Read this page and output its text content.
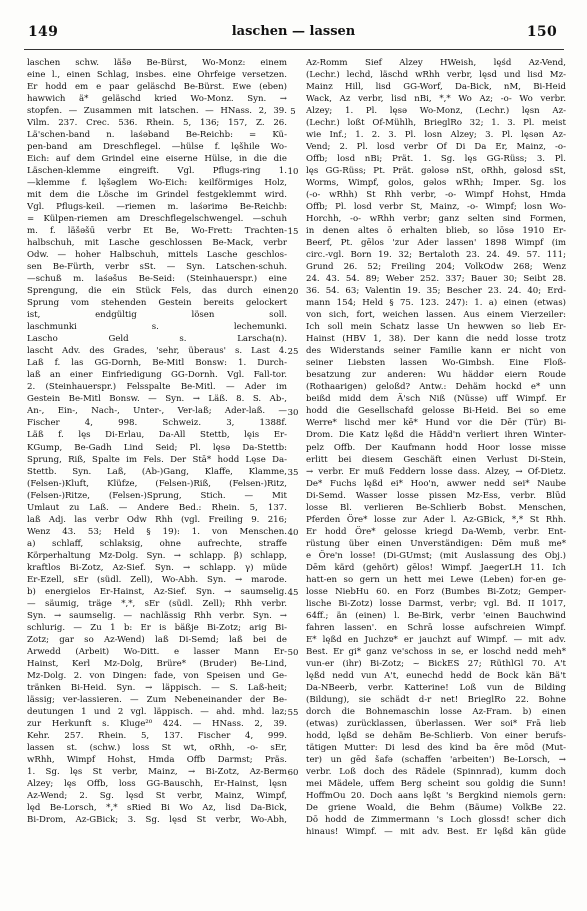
149	laschen — lassen	150
laschen schw. läšə Be-Bürst, Wo-Monz: einem
eine l., einen Schlag, insbes. eine Ohrfeige versetzen.
Er hodd em e paar geläschd Be-Bürst. Ewe (eben)
hawwich ä* geläschd kried Wo-Monz. Syn. →
stopfen. — Zusammen mit latschen. — HNass. 2, 39.
Vilm. 237. Crec. 536. Rhein. 5, 136; 157, Z. 26.
Lä'schen-band n. laśəband Be-Reichb: = Kü-
pen-band am Dreschflegel. —hülse f. lęšhile Wo-
Eich: auf dem Grindel eine eiserne Hülse, in die die
Läschen-klemme eingreift. Vgl. Pflugs-ring 1.
—klemme f. lęšəglem Wo-Eich: keilförmiges Holz,
mit dem die Lösche im Grindel festgeklemmt wird.
Vgl. Pflugs-keil. —riemen m. laśərimə Be-Reichb:
= Külpen-riemen am Dreschflegelschwengel. —schuh
m. f. läšəšū verbr Et Be, Wo-Frett: Trachten-
halbschuh, mit Lasche geschlossen Be-Mack, verbr
Odw. — hoher Halbschuh, mittels Lasche geschlos-
sen Be-Fürth, verbr sSt. — Syn. Latschen-schuh.
—schuß m. laśəšus Be-Seid: (Steinhauerspr.) eine
Sprengung, die ein Stück Fels, das durch einen
Sprung vom stehenden Gestein bereits gelockert
ist, endgültig lösen soll.
laschmunki s. lechemunki.
Lascho Geld s. Larscha(n).
lascht Adv. des Grades, 'sehr, überaus' s. Last 4.
Laß f. las GG-Dornh, Be-Mitl Bonsw: 1. Durch-
laß an einer Einfriedigung GG-Dornh. Vgl. Fall-tor.
2. (Steinhauerspr.) Felsspalte Be-Mitl. — Ader im
Gestein Be-Mitl Bonsw. — Syn. → Läß. 8. S. Ab-,
An-, Ein-, Nach-, Unter-, Ver-laß; Ader-laß. —
Fischer 4, 998. Schweiz. 3, 1388f.
Läß f. lęs Di-Erlau, Da-All Stettb, lęis Er-
KGump, Be-Gadh Lind Seid; Pl. lęsə Da-Stettb:
Sprung, Riß, Spalte im Fels. Der Stā* hodd Lęse Da-
Stettb. Syn. Laß, (Ab-)Gang, Klaffe, Klamme,
(Felsen-)Kluft, Klüfze, (Felsen-)Riß, (Felsen-)Ritz,
(Felsen-)Ritze, (Felsen-)Sprung, Stich. — Mit
Umlaut zu Laß. — Andere Bed.: Rhein. 5, 137.
laß Adj. las verbr Odw Rhh (vgl. Freiling 9. 216;
Wenz 43. 53; Held § 19): 1. von Menschen.
a) schlaff, schlaksig, ohne aufrechte, straffe
Körperhaltung Mz-Dolg. Syn. → schlapp. β) schlapp,
kraftlos Bi-Zotz, Az-Sief. Syn. → schlapp. γ) müde
Er-Ezell, sEr (südl. Zell), Wo-Abh. Syn. → marode.
b) energielos Er-Hainst, Az-Sief. Syn. → saumselig.
— säumig, träge *,*, sEr (südl. Zell); Rhh verbr.
Syn. → saumselig. — nachlässig Rhh verbr. Syn. →
schlurig. — Zu 1 b: Er is bäßje Bi-Zotz; arig Bi-
Zotz; gar so Az-Wend) laß Di-Semd; laß bei de
Arwedd (Arbeit) Wo-Ditt. e lasser Mann Er-
Hainst, Kerl Mz-Dolg, Brüre* (Bruder) Be-Lind,
Mz-Dolg. 2. von Dingen: fade, von Speisen und Ge-
tränken Bi-Heid. Syn. → läppisch. — S. Laß-heit;
lässig; ver-lassieren. — Zum Nebeneinander der Be-
deutungen 1 und 2 vgl. läppisch. — ahd. mhd. laz;
zur Herkunft s. Kluge²⁰ 424. — HNass. 2, 39.
Kehr. 257. Rhein. 5, 137. Fischer 4, 999.
lassen st. (schw.) loss St wt, oRhh, -o- sEr,
wRhh, Wimpf Hohst, Hmda Offb Darmst; Präs.
1. Sg. lęs St verbr, Mainz, → Bi-Zotz, Az-Berm
Alzey; lęs Offb, loss GG-Bauschh, Er-Hainst, lęsn
Az-Wend; 2. Sg. lęsd St verbr, Mainz, Wimpf,
lęd Be-Lorsch, *,* sRied Bi Wo Az, lisd Da-Bick,
Bi-Drom, Az-GBick; 3. Sg. lęsd St verbr, Wo-Abh,
5
10
15
20
25
30
35
40
45
50
55
60
Az-Romm Sief Alzey HWeish, lęśd Az-Vend,
(Lechr.) lechd, läschd wRhh verbr, lęsd und lisd Mz-
Mainz Hill, lisd GG-Worf, Da-Bick, nM, Bi-Heid
Wack, Az verbr, lisd nBi, *,* Wo Az; -o- Wo verbr.
Alzey; 1. Pl. lęsə Wo-Monz, (Lechr.) lęsn Az-
(Lechr.) loßt Of-Mühlh, BrieglRo 32; 1. 3. Pl. meist
wie Inf.; 1. 2. 3. Pl. losn Alzey; 3. Pl. lęsən Az-
Vend; 2. Pl. losd verbr Of Di Da Er, Mainz, -o-
Offb; losd nBi; Prät. 1. Sg. lęs GG-Rüss; 3. Pl.
lęs GG-Rüss; Pt. Prät. gəlosə nSt, oRhh, gəlosd sSt,
Worms, Wimpf, golos, gəlos wRhh; Imper. Sg. los
(-o- wRhh) St Rhh verbr, -o- Wimpf Hohst, Hmda
Offb; Pl. losd verbr St, Mainz, -o- Wimpf; losn Wo-
Horchh, -o- wRhh verbr; ganz selten sind Formen,
in denen altes ō erhalten blieb, so lōsə 1910 Er-
Beerf, Pt. gēlos 'zur Ader lassen' 1898 Wimpf (im
circ.-vgl. Born 19. 32; Bertaloth 23. 24. 49. 57. 111;
Grund 26. 52; Freiling 204; VolkOdw 268; Wenz
24. 43. 54. 89; Weber 252. 337; Bauer 30; Seibt 28.
36. 54. 63; Valentin 19. 35; Bescher 23. 24. 40; Erd-
mann 154; Held § 75. 123. 247): 1. a) einen (etwas)
von sich, fort, weichen lassen. Aus einem Vierzeiler:
Ich soll mein Schatz lasse Un hewwen so lieb Er-
Hainst (HBV 1, 38). Der kann die nedd losse trotz
des Widerstands seiner Familie kann er nicht von
seiner Liebsten lassen Wo-Gimbsh. Eine Floß-
besatzung zur anderen: Wu häddər eiern Roude
(Rothaarigen) geloßd? Antw.: Dehäm hockd e* unn
beißd midd dem Ä'sch Niß (Nüsse) uff Wimpf. Er
hodd die Gesellschafd gelosse Bi-Heid. Bei so eme
Werre* lischd mer kē* Hund vor die Dēr (Tür) Bi-
Drom. Die Katz lęßd die Hädd'n verliert ihren Winter-
pelz Offb. Der Kaufmann hodd Hoor losse misse
erlitt bei diesem Geschäft einen Verlust Di-Stein,
→ verbr. Er muß Feddern losse dass. Alzey, → Of-Dietz.
De* Fuchs lęßd ei* Hoo'n, awwer nedd sei* Naube
Di-Semd. Wasser losse pissen Mz-Ess, verbr. Blūd
losse Bl. verlieren Be-Schlierb Bobst. Menschen,
Pferden Öre* losse zur Ader l. Az-GBick, *,* St Rhh.
Er hodd Öre* gelosse kriegd Da-Wemb, verbr. Ent-
rüstung über einen Unverständigen: Dēm muß me*
e Öre'n losse! (Di-GUmst; (mit Auslassung des Obj.)
Dēm kärd (gehört) gēlos! Wimpf. JaegerLH 11. Ich
hatt-en so gern un hett mei Lewe (Leben) for-en ge-
losse NiebHu 60. en Forz (Bumbes Bi-Zotz; Gemper-
lische Bi-Zotz) losse Darmst, verbr; vgl. Bd. II 1017,
64ff.; än (einen) l. Be-Birk, verbr 'einen Bauchwind
fahren lassen'. en Schrā losse aufschreien Wimpf.
E* lęßd en Juchzɐ* er jauchzt auf Wimpf. — mit adv.
Best. Er gi* ganz ve'schoss in se, er loschd nedd meh*
vun-er (ihr) Bi-Zotz; ~ BickES 27; RüthlGl 70. A't
lęßd nedd vun A't, eunechd hedd de Bock kän Bä't
Da-NBeerb, verbr. Katterine! Loß vun de Bilding
(Bildung), sie schädt d-r net! BrieglRo 22. Bohne
dorch die Bohnemaschin losse Az-Fram. b) einen
(etwas) zurücklassen, überlassen. Wer soi* Frā lieb
hodd, lęßd se dehäm Be-Schlierb. Von einer berufs-
tätigen Mutter: Di lesd des kind ba ēre mōd (Mut-
ter) un gēd šafə (schaffen 'arbeiten') Be-Lorsch, →
verbr. Loß doch des Rädele (Spinnrad), kumm doch
mei Mädele, uffem Berg scheint sou goldig die Sunn!
HoffmOu 20. Doch aans lęßt 's Bergkind niemols gern:
De griene Woald, die Behm (Bäume) VolkBe 22.
Dō hodd de Zimmermann 's Loch glossd! scher dich
hinaus! Wimpf. — mit adv. Best. Er lęßd kān güde
